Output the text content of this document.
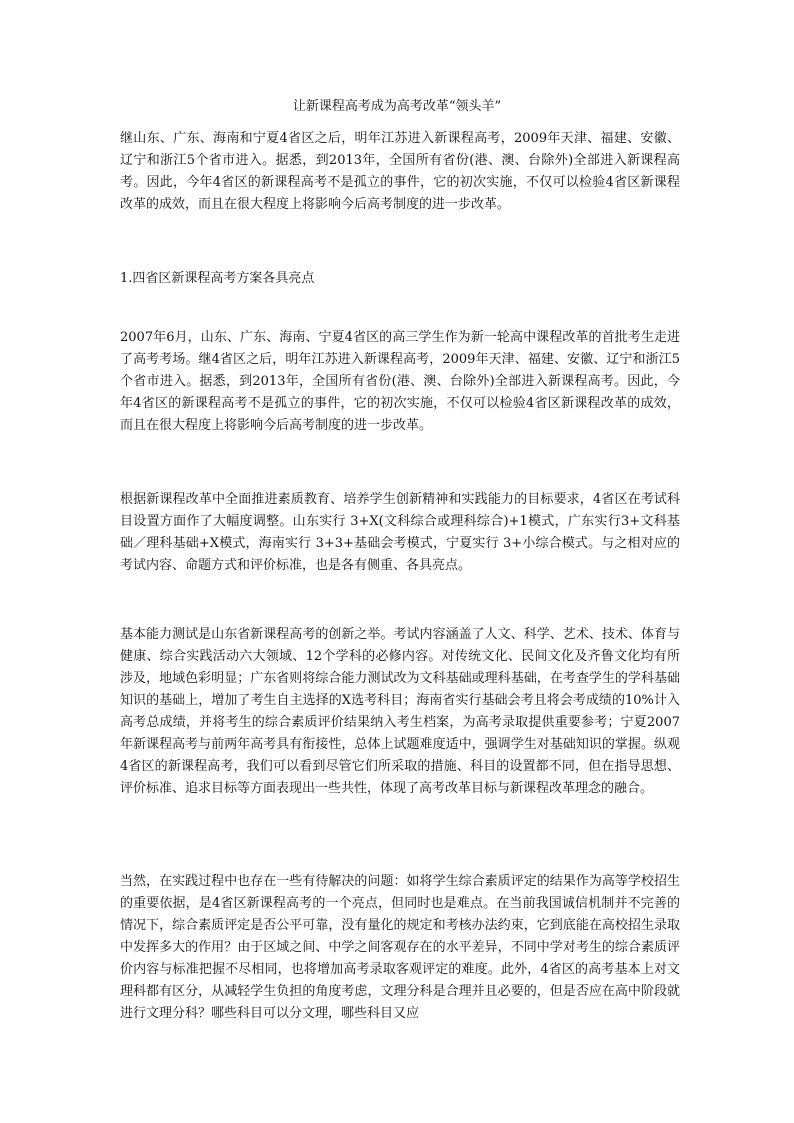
让新课程高考成为高考改革“领头羊”

继山东、广东、海南和宁夏4省区之后，明年江苏进入新课程高考，2009年天津、福建、安徽、辽宁和浙江5个省市进入。据悉，到2013年，全国所有省份(港、澳、台除外)全部进入新课程高考。因此，今年4省区的新课程高考不是孤立的事件，它的初次实施，不仅可以检验4省区新课程改革的成效，而且在很大程度上将影响今后高考制度的进一步改革。

1.四省区新课程高考方案各具亮点

2007年6月，山东、广东、海南、宁夏4省区的高三学生作为新一轮高中课程改革的首批考生走进了高考考场。继4省区之后，明年江苏进入新课程高考，2009年天津、福建、安徽、辽宁和浙江5个省市进入。据悉，到2013年，全国所有省份(港、澳、台除外)全部进入新课程高考。因此，今年4省区的新课程高考不是孤立的事件，它的初次实施，不仅可以检验4省区新课程改革的成效，而且在很大程度上将影响今后高考制度的进一步改革。

根据新课程改革中全面推进素质教育、培养学生创新精神和实践能力的目标要求，4省区在考试科目设置方面作了大幅度调整。山东实行 3+X(文科综合或理科综合)+1模式，广东实行3+文科基础／理科基础+X模式，海南实行 3+3+基础会考模式，宁夏实行 3+小综合模式。与之相对应的考试内容、命题方式和评价标准，也是各有侧重、各具亮点。

基本能力测试是山东省新课程高考的创新之举。考试内容涵盖了人文、科学、艺术、技术、体育与健康、综合实践活动六大领域、12个学科的必修内容。对传统文化、民间文化及齐鲁文化均有所涉及，地域色彩明显；广东省则将综合能力测试改为文科基础或理科基础，在考查学生的学科基础知识的基础上，增加了考生自主选择的X选考科目；海南省实行基础会考且将会考成绩的10%计入高考总成绩，并将考生的综合素质评价结果纳入考生档案，为高考录取提供重要参考；宁夏2007年新课程高考与前两年高考具有衔接性，总体上试题难度适中，强调学生对基础知识的掌握。纵观4省区的新课程高考，我们可以看到尽管它们所采取的措施、科目的设置都不同，但在指导思想、评价标准、追求目标等方面表现出一些共性，体现了高考改革目标与新课程改革理念的融合。

当然，在实践过程中也存在一些有待解决的问题：如将学生综合素质评定的结果作为高等学校招生的重要依据，是4省区新课程高考的一个亮点，但同时也是难点。在当前我国诚信机制并不完善的情况下，综合素质评定是否公平可靠，没有量化的规定和考核办法约束，它到底能在高校招生录取中发挥多大的作用？由于区域之间、中学之间客观存在的水平差异，不同中学对考生的综合素质评价内容与标准把握不尽相同，也将增加高考录取客观评定的难度。此外，4省区的高考基本上对文理科都有区分，从减轻学生负担的角度考虑，文理分科是合理并且必要的，但是否应在高中阶段就进行文理分科？哪些科目可以分文理，哪些科目又应
